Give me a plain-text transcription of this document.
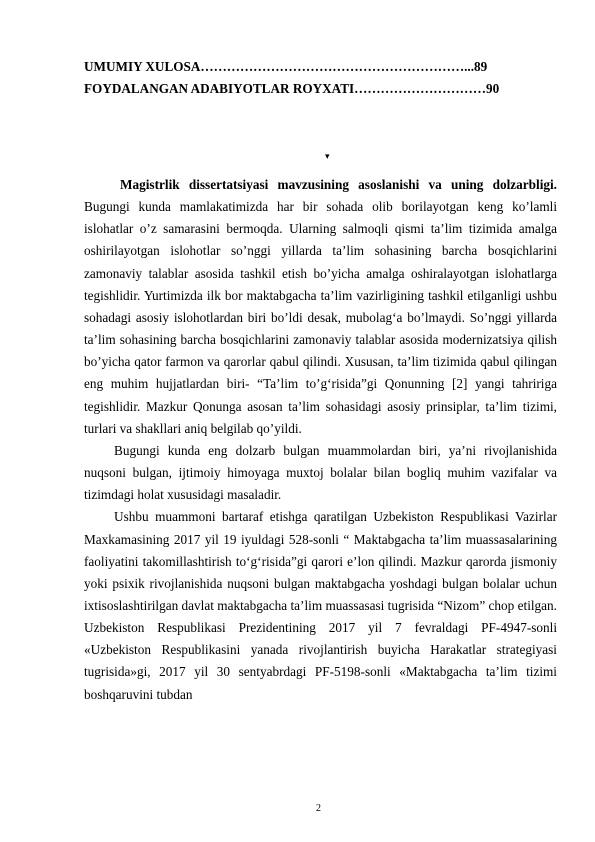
UMUMIY XULOSA……………………………………………………...89
FOYDALANGAN ADABIYOTLAR ROYXATI…………………………90
▾

Magistrlik dissertatsiyasi mavzusining asoslanishi va uning dolzarbligi. Bugungi kunda mamlakatimizda har bir sohada olib borilayotgan keng ko’lamli islohatlar o’z samarasini bermoqda. Ularning salmoqli qismi ta’lim tizimida amalga oshirilayotgan islohotlar so’nggi yillarda ta’lim sohasining barcha bosqichlarini zamonaviy talablar asosida tashkil etish bo’yicha amalga oshiralayotgan islohatlarga tegishlidir. Yurtimizda ilk bor maktabgacha ta’lim vazirligining tashkil etilganligi ushbu sohadagi asosiy islohotlardan biri bo’ldi desak, mubolag‘a bo’lmaydi. So’nggi yillarda ta’lim sohasining barcha bosqichlarini zamonaviy talablar asosida modernizatsiya qilish bo’yicha qator farmon va qarorlar qabul qilindi. Xususan, ta’lim tizimida qabul qilingan eng muhim hujjatlardan biri- “Ta’lim to’g‘risida”gi Qonunning [2] yangi tahririga tegishlidir. Mazkur Qonunga asosan ta’lim sohasidagi asosiy prinsiplar, ta’lim tizimi, turlari va shakllari aniq belgilab qo’yildi.

Bugungi kunda eng dolzarb bulgan muammolardan biri, ya’ni rivojlanishida nuqsoni bulgan, ijtimoiy himoyaga muxtoj bolalar bilan bogliq muhim vazifalar va tizimdagi holat xususidagi masaladir.

Ushbu muammoni bartaraf etishga qaratilgan Uzbekiston Respublikasi Vazirlar Maxkamasining 2017 yil 19 iyuldagi 528-sonli “ Maktabgacha ta’lim muassasalarining faoliyatini takomillashtirish to‘g‘risida”gi qarori e’lon qilindi. Mazkur qarorda jismoniy yoki psixik rivojlanishida nuqsoni bulgan maktabgacha yoshdagi bulgan bolalar uchun ixtisoslashtirilgan davlat maktabgacha ta’lim muassasasi tugrisida “Nizom” chop etilgan. Uzbekiston Respublikasi Prezidentining 2017 yil 7 fevraldagi PF-4947-sonli «Uzbekiston Respublikasini yanada rivojlantirish buyicha Harakatlar strategiyasi tugrisida»gi, 2017 yil 30 sentyabrdagi PF-5198-sonli «Maktabgacha ta’lim tizimi boshqaruvini tubdan

2
